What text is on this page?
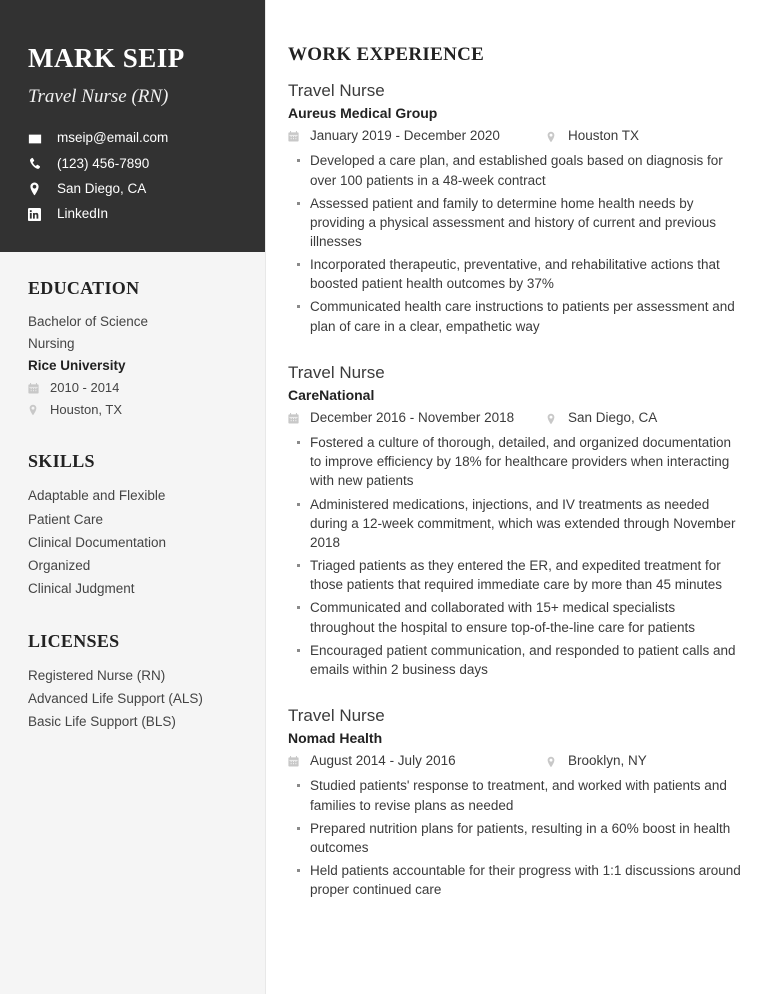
MARK SEIP
Travel Nurse (RN)
mseip@email.com
(123) 456-7890
San Diego, CA
LinkedIn
EDUCATION
Bachelor of Science
Nursing
Rice University
2010 - 2014
Houston, TX
SKILLS
Adaptable and Flexible
Patient Care
Clinical Documentation
Organized
Clinical Judgment
LICENSES
Registered Nurse (RN)
Advanced Life Support (ALS)
Basic Life Support (BLS)
WORK EXPERIENCE
Travel Nurse
Aureus Medical Group
January 2019 - December 2020	Houston TX
Developed a care plan, and established goals based on diagnosis for over 100 patients in a 48-week contract
Assessed patient and family to determine home health needs by providing a physical assessment and history of current and previous illnesses
Incorporated therapeutic, preventative, and rehabilitative actions that boosted patient health outcomes by 37%
Communicated health care instructions to patients per assessment and plan of care in a clear, empathetic way
Travel Nurse
CareNational
December 2016 - November 2018	San Diego, CA
Fostered a culture of thorough, detailed, and organized documentation to improve efficiency by 18% for healthcare providers when interacting with new patients
Administered medications, injections, and IV treatments as needed during a 12-week commitment, which was extended through November 2018
Triaged patients as they entered the ER, and expedited treatment for those patients that required immediate care by more than 45 minutes
Communicated and collaborated with 15+ medical specialists throughout the hospital to ensure top-of-the-line care for patients
Encouraged patient communication, and responded to patient calls and emails within 2 business days
Travel Nurse
Nomad Health
August 2014 - July 2016	Brooklyn, NY
Studied patients' response to treatment, and worked with patients and families to revise plans as needed
Prepared nutrition plans for patients, resulting in a 60% boost in health outcomes
Held patients accountable for their progress with 1:1 discussions around proper continued care
